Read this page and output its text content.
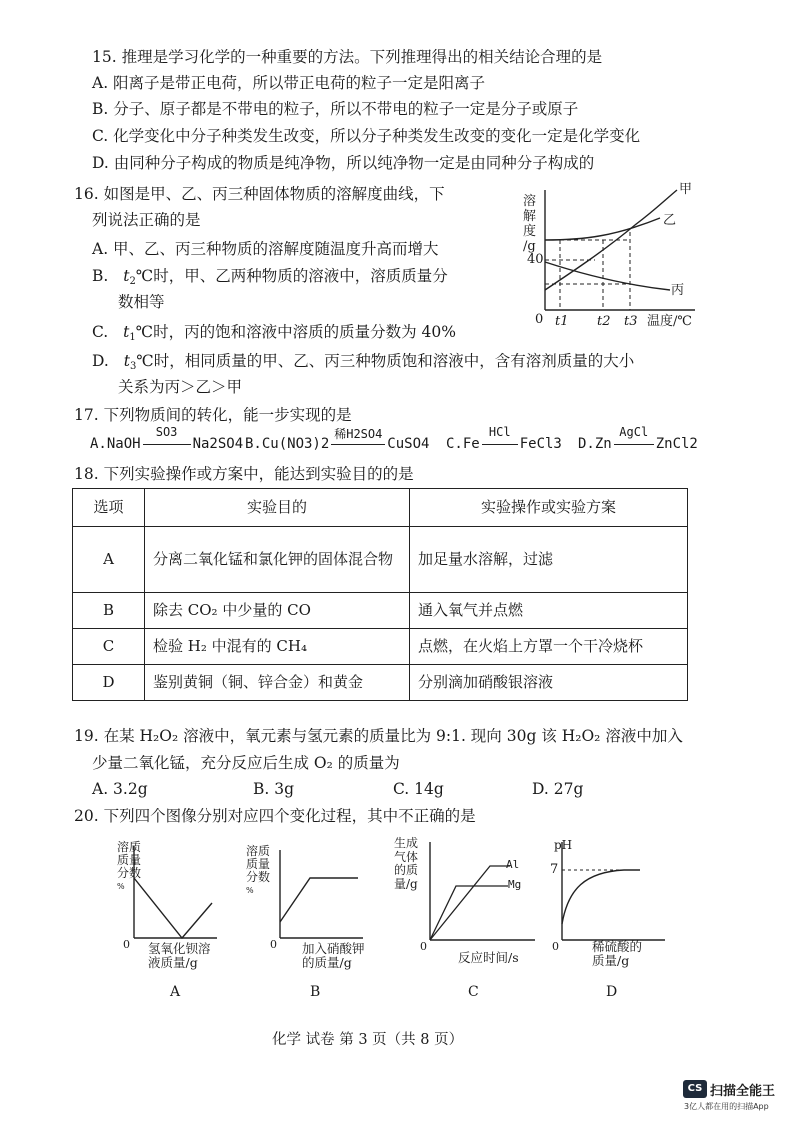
15. 推理是学习化学的一种重要的方法。下列推理得出的相关结论合理的是
A. 阳离子是带正电荷，所以带正电荷的粒子一定是阳离子
B. 分子、原子都是不带电的粒子，所以不带电的粒子一定是分子或原子
C. 化学变化中分子种类发生改变，所以分子种类发生改变的变化一定是化学变化
D. 由同种分子构成的物质是纯净物，所以纯净物一定是由同种分子构成的
16. 如图是甲、乙、丙三种固体物质的溶解度曲线，下
列说法正确的是
A. 甲、乙、丙三种物质的溶解度随温度升高而增大
B. $t_2℃$时，甲、乙两种物质的溶液中，溶质质量分
数相等
C. $t_1℃$时，丙的饱和溶液中溶质的质量分数为 40%
D. $t_3℃$时，相同质量的甲、乙、丙三种物质饱和溶液中，含有溶剂质量的大小
关系为丙＞乙＞甲
溶
解
度
/g
40
0 t1 t2 t3 温度/℃
甲
乙
丙
17. 下列物质间的转化，能一步实现的是
A.NaOH
SO3
Na2SO4 B.Cu(NO3)2
稀H2SO4
CuSO4 C.Fe
HCl
FeCl3 D.Zn
AgCl
ZnCl2
18. 下列实验操作或方案中，能达到实验目的的是
选项	实验目的	实验操作或实验方案
A	分离二氧化锰和氯化钾的固体混合物	加足量水溶解，过滤
B	除去 CO₂ 中少量的 CO	通入氧气并点燃
C	检验 H₂ 中混有的 CH₄	点燃，在火焰上方罩一个干冷烧杯
D	鉴别黄铜（铜、锌合金）和黄金	分别滴加硝酸银溶液
19. 在某 H₂O₂ 溶液中，氧元素与氢元素的质量比为 9:1. 现向 30g 该 H₂O₂ 溶液中加入
少量二氧化锰，充分反应后生成 O₂ 的质量为
A. 3.2g	B. 3g	C. 14g	D. 27g
20. 下列四个图像分别对应四个变化过程，其中不正确的是
溶质
质量
分数
%
0 氢氧化钡溶
液质量/g
A
溶质
质量
分数
%
0 加入硝酸钾
的质量/g
B
生成
气体
的质
量/g
0
Al
Mg
反应时间/s
C
pH
7
0	稀硫酸的
质量/g
D
化学 试卷 第 3 页（共 8 页）
CS 扫描全能王
3亿人都在用的扫描App
